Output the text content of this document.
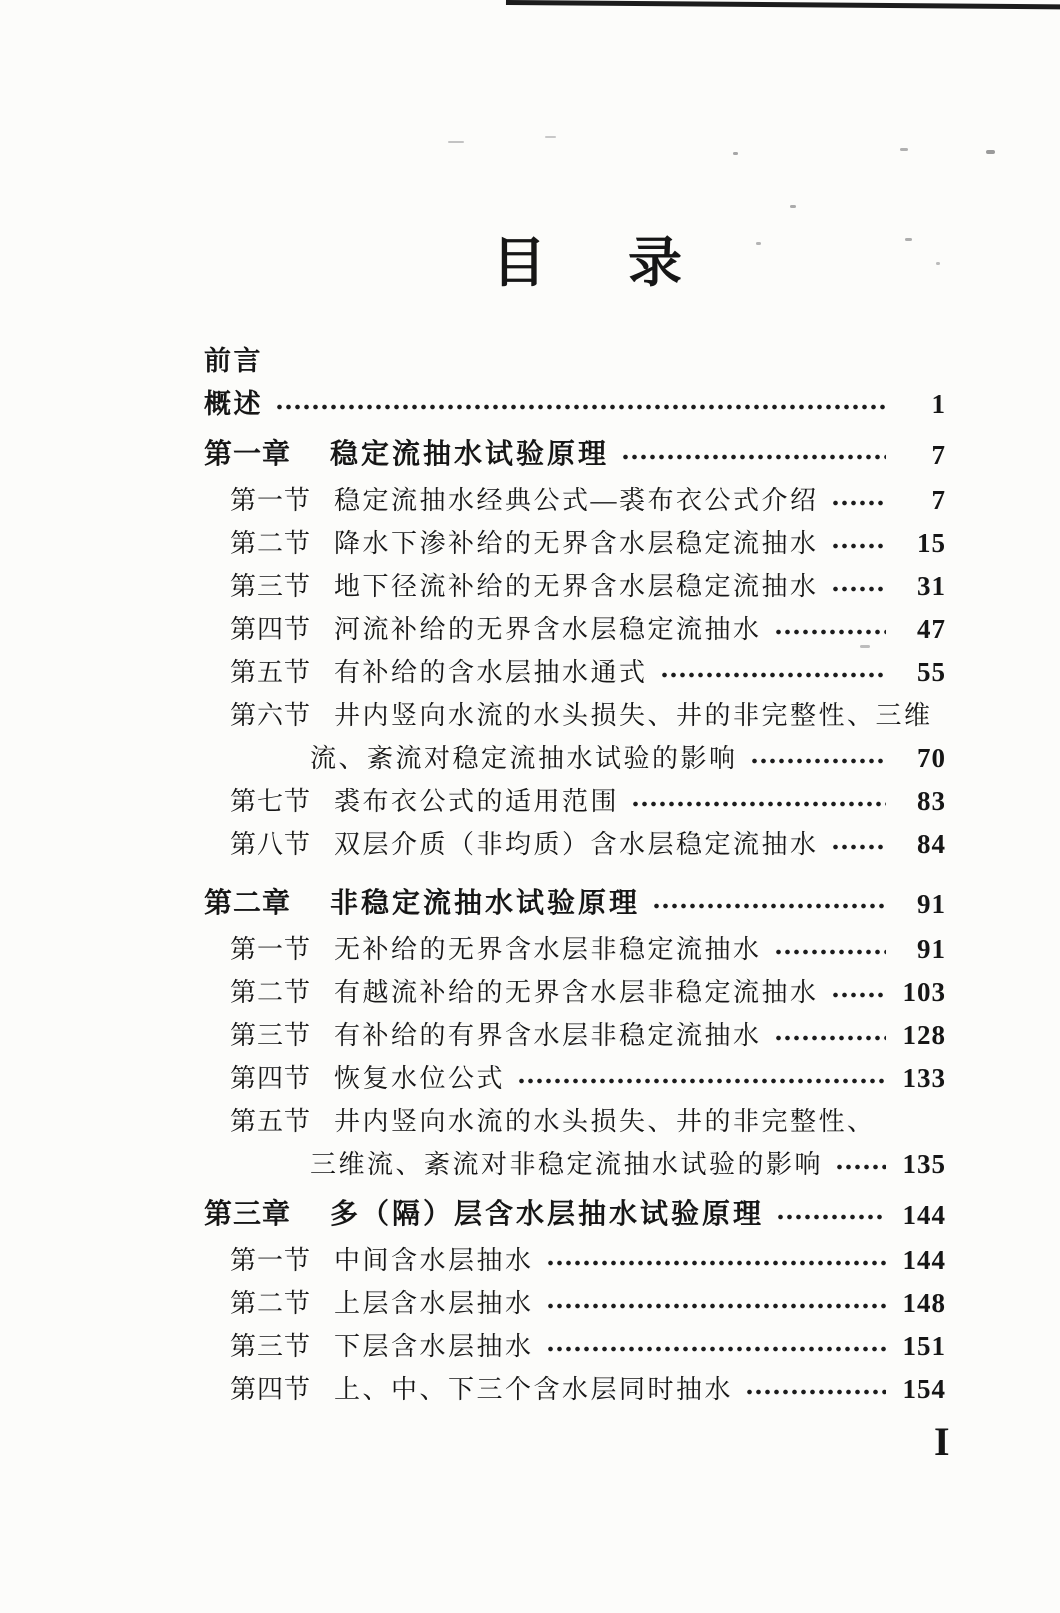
目　录
前言
概述	1
第一章	稳定流抽水试验原理	7
第一节 稳定流抽水经典公式—裘布衣公式介绍	7
第二节 降水下渗补给的无界含水层稳定流抽水	15
第三节 地下径流补给的无界含水层稳定流抽水	31
第四节 河流补给的无界含水层稳定流抽水	47
第五节 有补给的含水层抽水通式	55
第六节 井内竖向水流的水头损失、井的非完整性、三维
流、紊流对稳定流抽水试验的影响	70
第七节 裘布衣公式的适用范围	83
第八节 双层介质（非均质）含水层稳定流抽水	84
第二章	非稳定流抽水试验原理	91
第一节 无补给的无界含水层非稳定流抽水	91
第二节 有越流补给的无界含水层非稳定流抽水	103
第三节 有补给的有界含水层非稳定流抽水	128
第四节 恢复水位公式	133
第五节 井内竖向水流的水头损失、井的非完整性、
三维流、紊流对非稳定流抽水试验的影响	135
第三章	多（隔）层含水层抽水试验原理	144
第一节 中间含水层抽水	144
第二节 上层含水层抽水	148
第三节 下层含水层抽水	151
第四节 上、中、下三个含水层同时抽水	154
I
